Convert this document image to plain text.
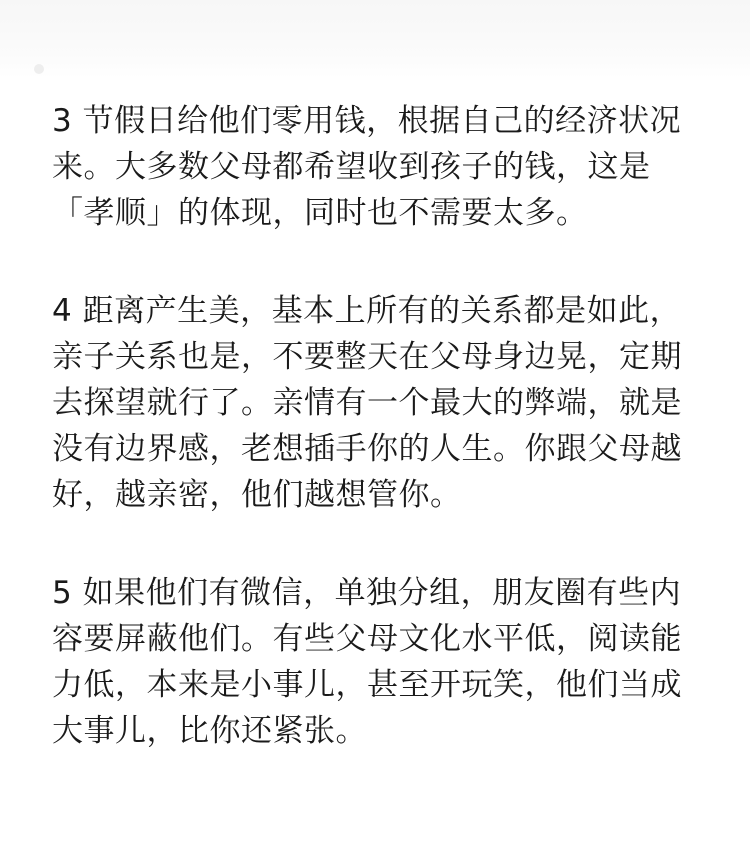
3 节假日给他们零用钱，根据自己的经济状况来。大多数父母都希望收到孩子的钱，这是「孝顺」的体现，同时也不需要太多。

4 距离产生美，基本上所有的关系都是如此，亲子关系也是，不要整天在父母身边晃，定期去探望就行了。亲情有一个最大的弊端，就是没有边界感，老想插手你的人生。你跟父母越好，越亲密，他们越想管你。

5 如果他们有微信，单独分组，朋友圈有些内容要屏蔽他们。有些父母文化水平低，阅读能力低，本来是小事儿，甚至开玩笑，他们当成大事儿，比你还紧张。
